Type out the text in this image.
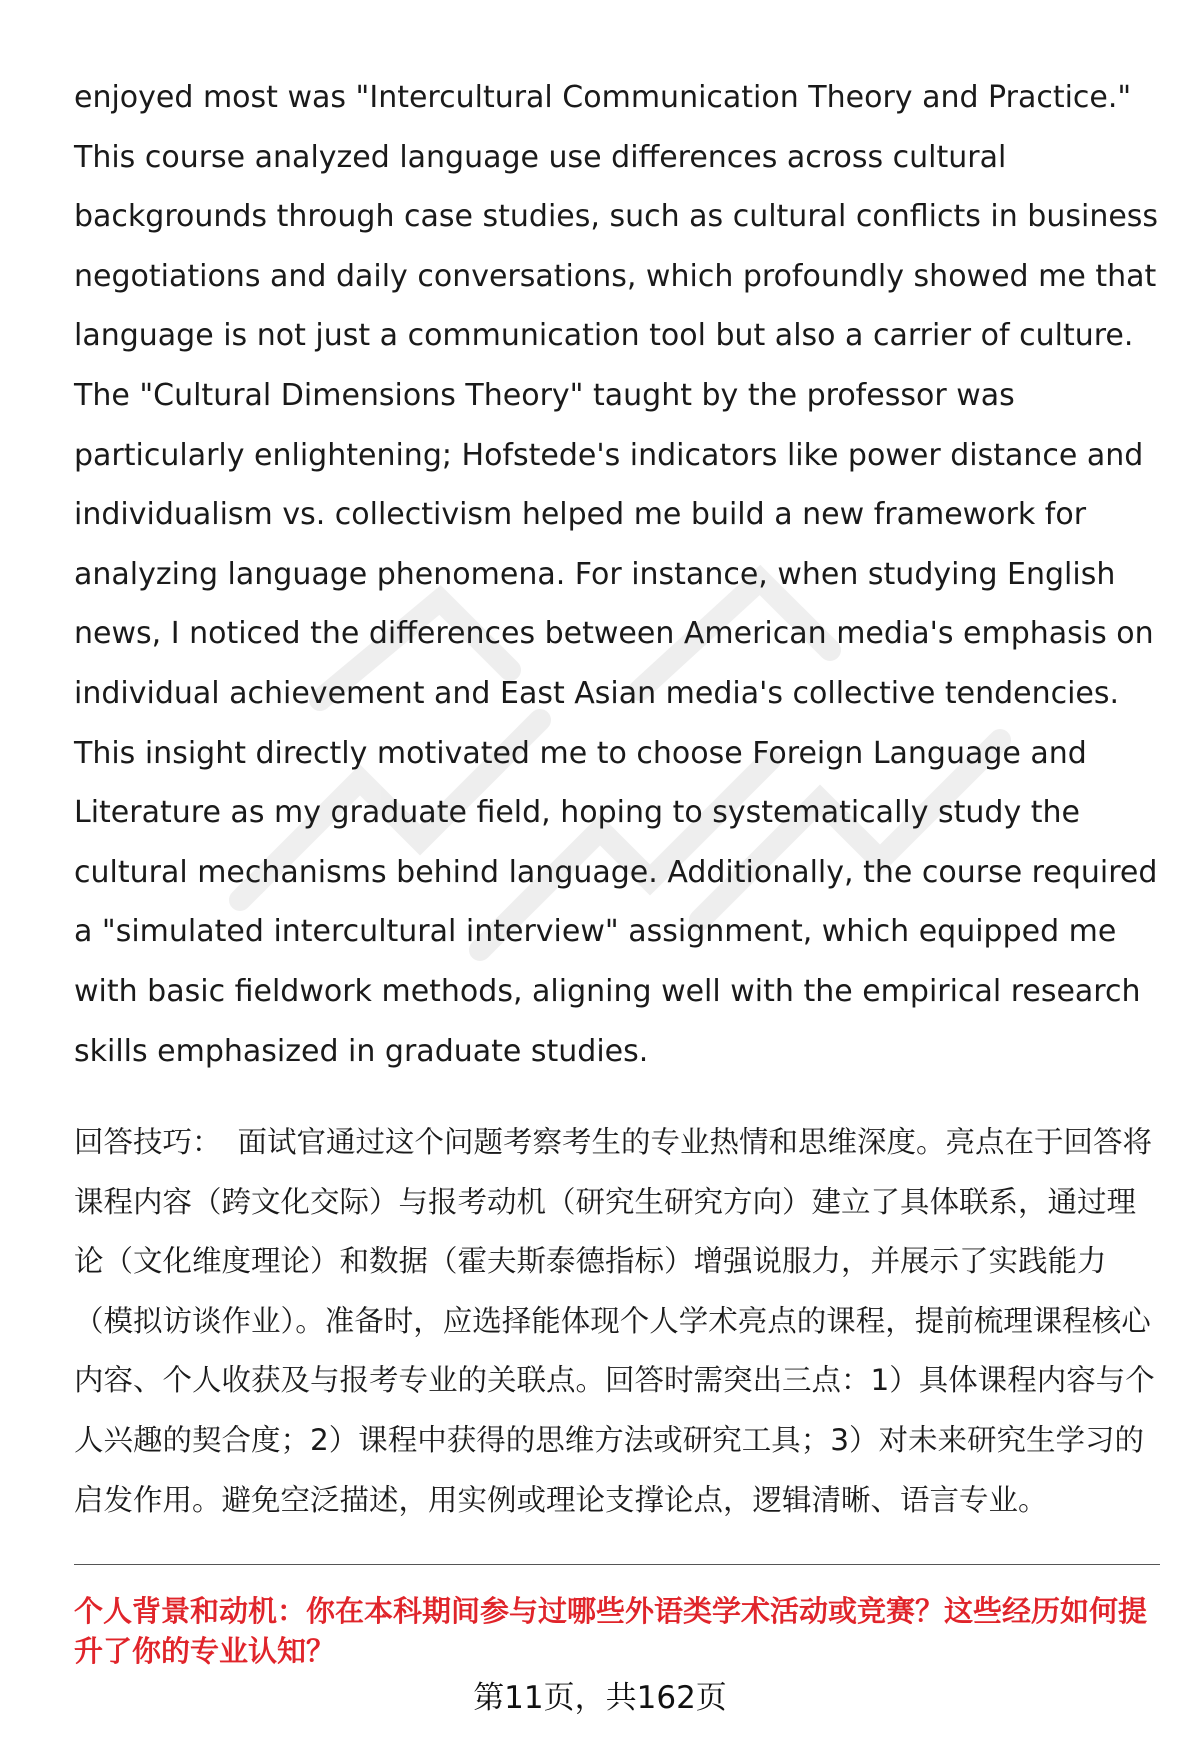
enjoyed most was "Intercultural Communication Theory and Practice." This course analyzed language use differences across cultural backgrounds through case studies, such as cultural conflicts in business negotiations and daily conversations, which profoundly showed me that language is not just a communication tool but also a carrier of culture. The "Cultural Dimensions Theory" taught by the professor was particularly enlightening; Hofstede's indicators like power distance and individualism vs. collectivism helped me build a new framework for analyzing language phenomena. For instance, when studying English news, I noticed the differences between American media's emphasis on individual achievement and East Asian media's collective tendencies. This insight directly motivated me to choose Foreign Language and Literature as my graduate field, hoping to systematically study the cultural mechanisms behind language. Additionally, the course required a "simulated intercultural interview" assignment, which equipped me with basic fieldwork methods, aligning well with the empirical research skills emphasized in graduate studies.

回答技巧： 面试官通过这个问题考察考生的专业热情和思维深度。亮点在于回答将课程内容（跨文化交际）与报考动机（研究生研究方向）建立了具体联系，通过理论（文化维度理论）和数据（霍夫斯泰德指标）增强说服力，并展示了实践能力（模拟访谈作业）。准备时，应选择能体现个人学术亮点的课程，提前梳理课程核心内容、个人收获及与报考专业的关联点。回答时需突出三点：1）具体课程内容与个人兴趣的契合度；2）课程中获得的思维方法或研究工具；3）对未来研究生学习的启发作用。避免空泛描述，用实例或理论支撑论点，逻辑清晰、语言专业。

个人背景和动机：你在本科期间参与过哪些外语类学术活动或竞赛？这些经历如何提升了你的专业认知？

第11页，共162页
